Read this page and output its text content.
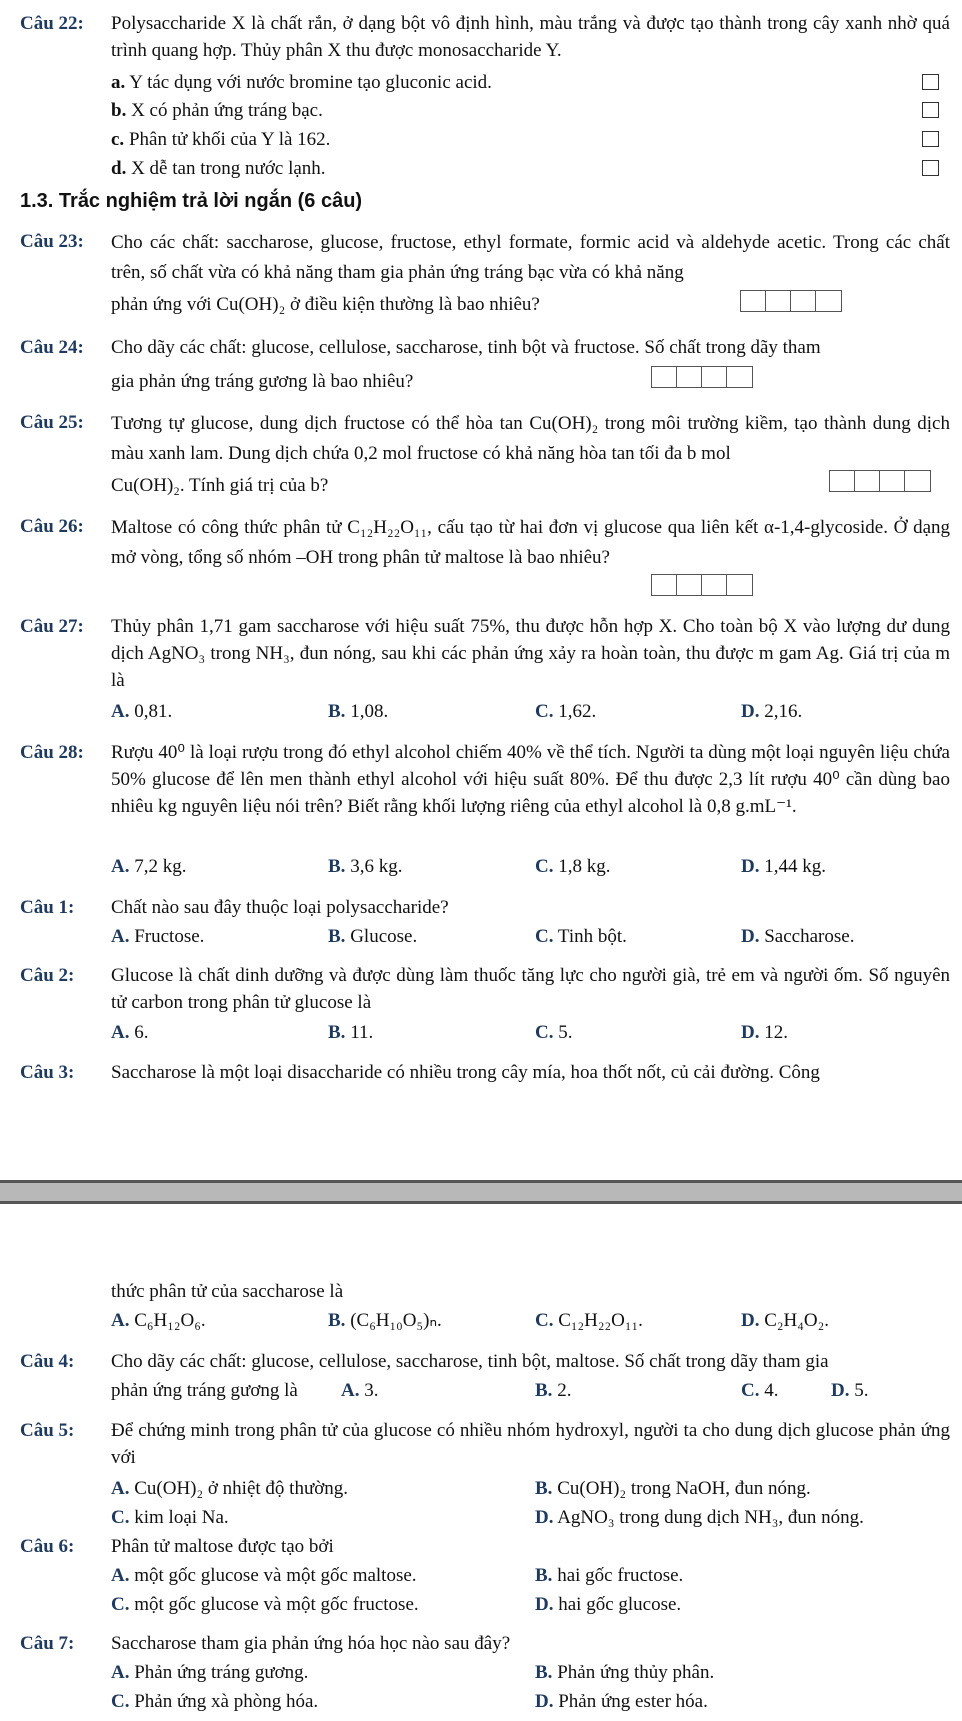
Câu 22: Polysaccharide X là chất rắn, ở dạng bột vô định hình, màu trắng và được tạo thành trong cây xanh nhờ quá trình quang hợp. Thủy phân X thu được monosaccharide Y.
a. Y tác dụng với nước bromine tạo gluconic acid.
b. X có phản ứng tráng bạc.
c. Phân tử khối của Y là 162.
d. X dễ tan trong nước lạnh.
1.3. Trắc nghiệm trả lời ngắn (6 câu)
Câu 23: Cho các chất: saccharose, glucose, fructose, ethyl formate, formic acid và aldehyde acetic. Trong các chất trên, số chất vừa có khả năng tham gia phản ứng tráng bạc vừa có khả năng
phản ứng với Cu(OH)₂ ở điều kiện thường là bao nhiêu?
Câu 24: Cho dãy các chất: glucose, cellulose, saccharose, tinh bột và fructose. Số chất trong dãy tham
gia phản ứng tráng gương là bao nhiêu?
Câu 25: Tương tự glucose, dung dịch fructose có thể hòa tan Cu(OH)₂ trong môi trường kiềm, tạo thành dung dịch màu xanh lam. Dung dịch chứa 0,2 mol fructose có khả năng hòa tan tối đa b mol
Cu(OH)₂. Tính giá trị của b?
Câu 26: Maltose có công thức phân tử C₁₂H₂₂O₁₁, cấu tạo từ hai đơn vị glucose qua liên kết α-1,4-glycoside. Ở dạng mở vòng, tổng số nhóm –OH trong phân tử maltose là bao nhiêu?
Câu 27: Thủy phân 1,71 gam saccharose với hiệu suất 75%, thu được hỗn hợp X. Cho toàn bộ X vào lượng dư dung dịch AgNO₃ trong NH₃, đun nóng, sau khi các phản ứng xảy ra hoàn toàn, thu được m gam Ag. Giá trị của m là
A. 0,81.	B. 1,08.	C. 1,62.	D. 2,16.
Câu 28: Rượu 40⁰ là loại rượu trong đó ethyl alcohol chiếm 40% về thể tích. Người ta dùng một loại nguyên liệu chứa 50% glucose để lên men thành ethyl alcohol với hiệu suất 80%. Để thu được 2,3 lít rượu 40⁰ cần dùng bao nhiêu kg nguyên liệu nói trên? Biết rằng khối lượng riêng của ethyl alcohol là 0,8 g.mL⁻¹.
A. 7,2 kg.	B. 3,6 kg.	C. 1,8 kg.	D. 1,44 kg.
Câu 1: Chất nào sau đây thuộc loại polysaccharide?
A. Fructose.	B. Glucose.	C. Tinh bột.	D. Saccharose.
Câu 2: Glucose là chất dinh dưỡng và được dùng làm thuốc tăng lực cho người già, trẻ em và người ốm. Số nguyên tử carbon trong phân tử glucose là
A. 6.	B. 11.	C. 5.	D. 12.
Câu 3: Saccharose là một loại disaccharide có nhiều trong cây mía, hoa thốt nốt, củ cải đường. Công
thức phân tử của saccharose là
A. C₆H₁₂O₆.	B. (C₆H₁₀O₅)ₙ.	C. C₁₂H₂₂O₁₁.	D. C₂H₄O₂.
Câu 4: Cho dãy các chất: glucose, cellulose, saccharose, tinh bột, maltose. Số chất trong dãy tham gia
phản ứng tráng gương là A. 3.	B. 2.	C. 4.	D. 5.
Câu 5: Để chứng minh trong phân tử của glucose có nhiều nhóm hydroxyl, người ta cho dung dịch glucose phản ứng với
A. Cu(OH)₂ ở nhiệt độ thường.	B. Cu(OH)₂ trong NaOH, đun nóng.
C. kim loại Na.	D. AgNO₃ trong dung dịch NH₃, đun nóng.
Câu 6: Phân tử maltose được tạo bởi
A. một gốc glucose và một gốc maltose.	B. hai gốc fructose.
C. một gốc glucose và một gốc fructose.	D. hai gốc glucose.
Câu 7: Saccharose tham gia phản ứng hóa học nào sau đây?
A. Phản ứng tráng gương.	B. Phản ứng thủy phân.
C. Phản ứng xà phòng hóa.	D. Phản ứng ester hóa.
